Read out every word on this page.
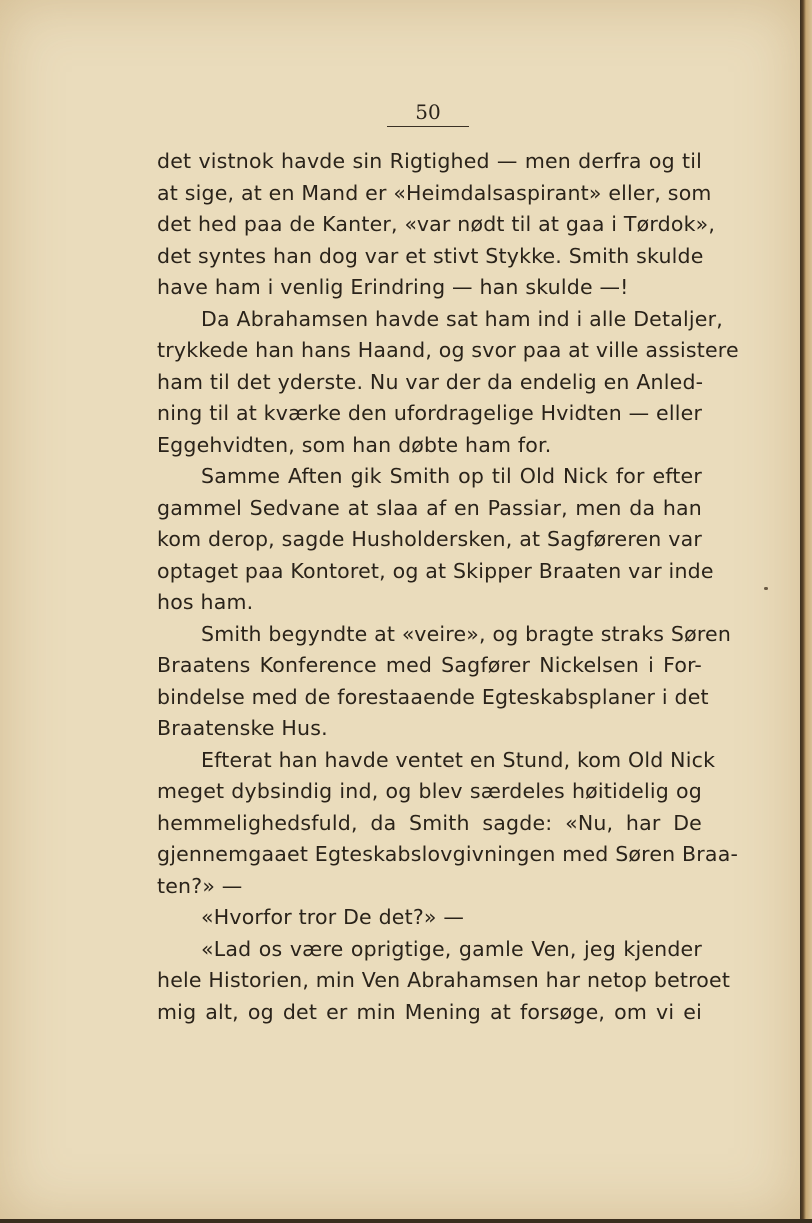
50
det vistnok havde sin Rigtighed — men derfra og til
at sige, at en Mand er «Heimdalsaspirant» eller, som
det hed paa de Kanter, «var nødt til at gaa i Tørdok»,
det syntes han dog var et stivt Stykke. Smith skulde
have ham i venlig Erindring — han skulde —!
Da Abrahamsen havde sat ham ind i alle Detaljer,
trykkede han hans Haand, og svor paa at ville assistere
ham til det yderste. Nu var der da endelig en Anled-
ning til at kværke den ufordragelige Hvidten — eller
Eggehvidten, som han døbte ham for.
Samme Aften gik Smith op til Old Nick for efter
gammel Sedvane at slaa af en Passiar, men da han
kom derop, sagde Husholdersken, at Sagføreren var
optaget paa Kontoret, og at Skipper Braaten var inde
hos ham.
Smith begyndte at «veire», og bragte straks Søren
Braatens Konference med Sagfører Nickelsen i For-
bindelse med de forestaaende Egteskabsplaner i det
Braatenske Hus.
Efterat han havde ventet en Stund, kom Old Nick
meget dybsindig ind, og blev særdeles høitidelig og
hemmelighedsfuld, da Smith sagde: «Nu, har De
gjennemgaaet Egteskabslovgivningen med Søren Braa-
ten?» —
«Hvorfor tror De det?» —
«Lad os være oprigtige, gamle Ven, jeg kjender
hele Historien, min Ven Abrahamsen har netop betroet
mig alt, og det er min Mening at forsøge, om vi ei
